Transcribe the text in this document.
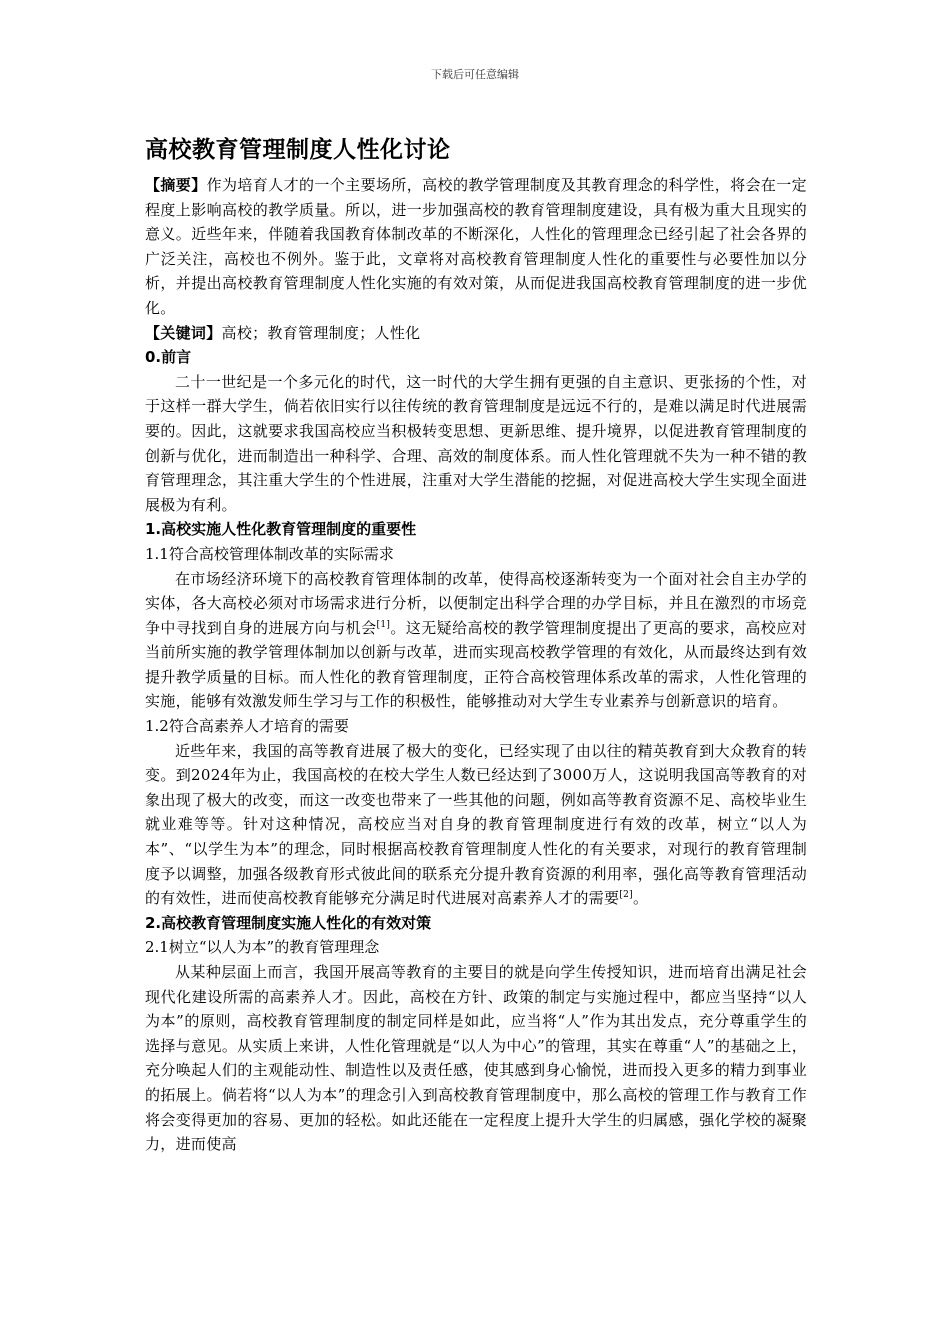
下载后可任意编辑
高校教育管理制度人性化讨论

【摘要】作为培育人才的一个主要场所，高校的教学管理制度及其教育理念的科学性，将会在一定程度上影响高校的教学质量。所以，进一步加强高校的教育管理制度建设，具有极为重大且现实的意义。近些年来，伴随着我国教育体制改革的不断深化，人性化的管理理念已经引起了社会各界的广泛关注，高校也不例外。鉴于此，文章将对高校教育管理制度人性化的重要性与必要性加以分析，并提出高校教育管理制度人性化实施的有效对策，从而促进我国高校教育管理制度的进一步优化。

【关键词】高校；教育管理制度；人性化

0.前言

二十一世纪是一个多元化的时代，这一时代的大学生拥有更强的自主意识、更张扬的个性，对于这样一群大学生，倘若依旧实行以往传统的教育管理制度是远远不行的，是难以满足时代进展需要的。因此，这就要求我国高校应当积极转变思想、更新思维、提升境界，以促进教育管理制度的创新与优化，进而制造出一种科学、合理、高效的制度体系。而人性化管理就不失为一种不错的教育管理理念，其注重大学生的个性进展，注重对大学生潜能的挖掘，对促进高校大学生实现全面进展极为有利。

1.高校实施人性化教育管理制度的重要性
1.1符合高校管理体制改革的实际需求

在市场经济环境下的高校教育管理体制的改革，使得高校逐渐转变为一个面对社会自主办学的实体，各大高校必须对市场需求进行分析，以便制定出科学合理的办学目标，并且在激烈的市场竞争中寻找到自身的进展方向与机会[1]。这无疑给高校的教学管理制度提出了更高的要求，高校应对当前所实施的教学管理体制加以创新与改革，进而实现高校教学管理的有效化，从而最终达到有效提升教学质量的目标。而人性化的教育管理制度，正符合高校管理体系改革的需求，人性化管理的实施，能够有效激发师生学习与工作的积极性，能够推动对大学生专业素养与创新意识的培育。

1.2符合高素养人才培育的需要

近些年来，我国的高等教育进展了极大的变化，已经实现了由以往的精英教育到大众教育的转变。到2024年为止，我国高校的在校大学生人数已经达到了3000万人，这说明我国高等教育的对象出现了极大的改变，而这一改变也带来了一些其他的问题，例如高等教育资源不足、高校毕业生就业难等等。针对这种情况，高校应当对自身的教育管理制度进行有效的改革，树立“以人为本”、“以学生为本”的理念，同时根据高校教育管理制度人性化的有关要求，对现行的教育管理制度予以调整，加强各级教育形式彼此间的联系充分提升教育资源的利用率，强化高等教育管理活动的有效性，进而使高校教育能够充分满足时代进展对高素养人才的需要[2]。

2.高校教育管理制度实施人性化的有效对策
2.1树立“以人为本”的教育管理理念

从某种层面上而言，我国开展高等教育的主要目的就是向学生传授知识，进而培育出满足社会现代化建设所需的高素养人才。因此，高校在方针、政策的制定与实施过程中，都应当坚持“以人为本”的原则，高校教育管理制度的制定同样是如此，应当将“人”作为其出发点，充分尊重学生的选择与意见。从实质上来讲，人性化管理就是“以人为中心”的管理，其实在尊重“人”的基础之上，充分唤起人们的主观能动性、制造性以及责任感，使其感到身心愉悦，进而投入更多的精力到事业的拓展上。倘若将“以人为本”的理念引入到高校教育管理制度中，那么高校的管理工作与教育工作将会变得更加的容易、更加的轻松。如此还能在一定程度上提升大学生的归属感，强化学校的凝聚力，进而使高
